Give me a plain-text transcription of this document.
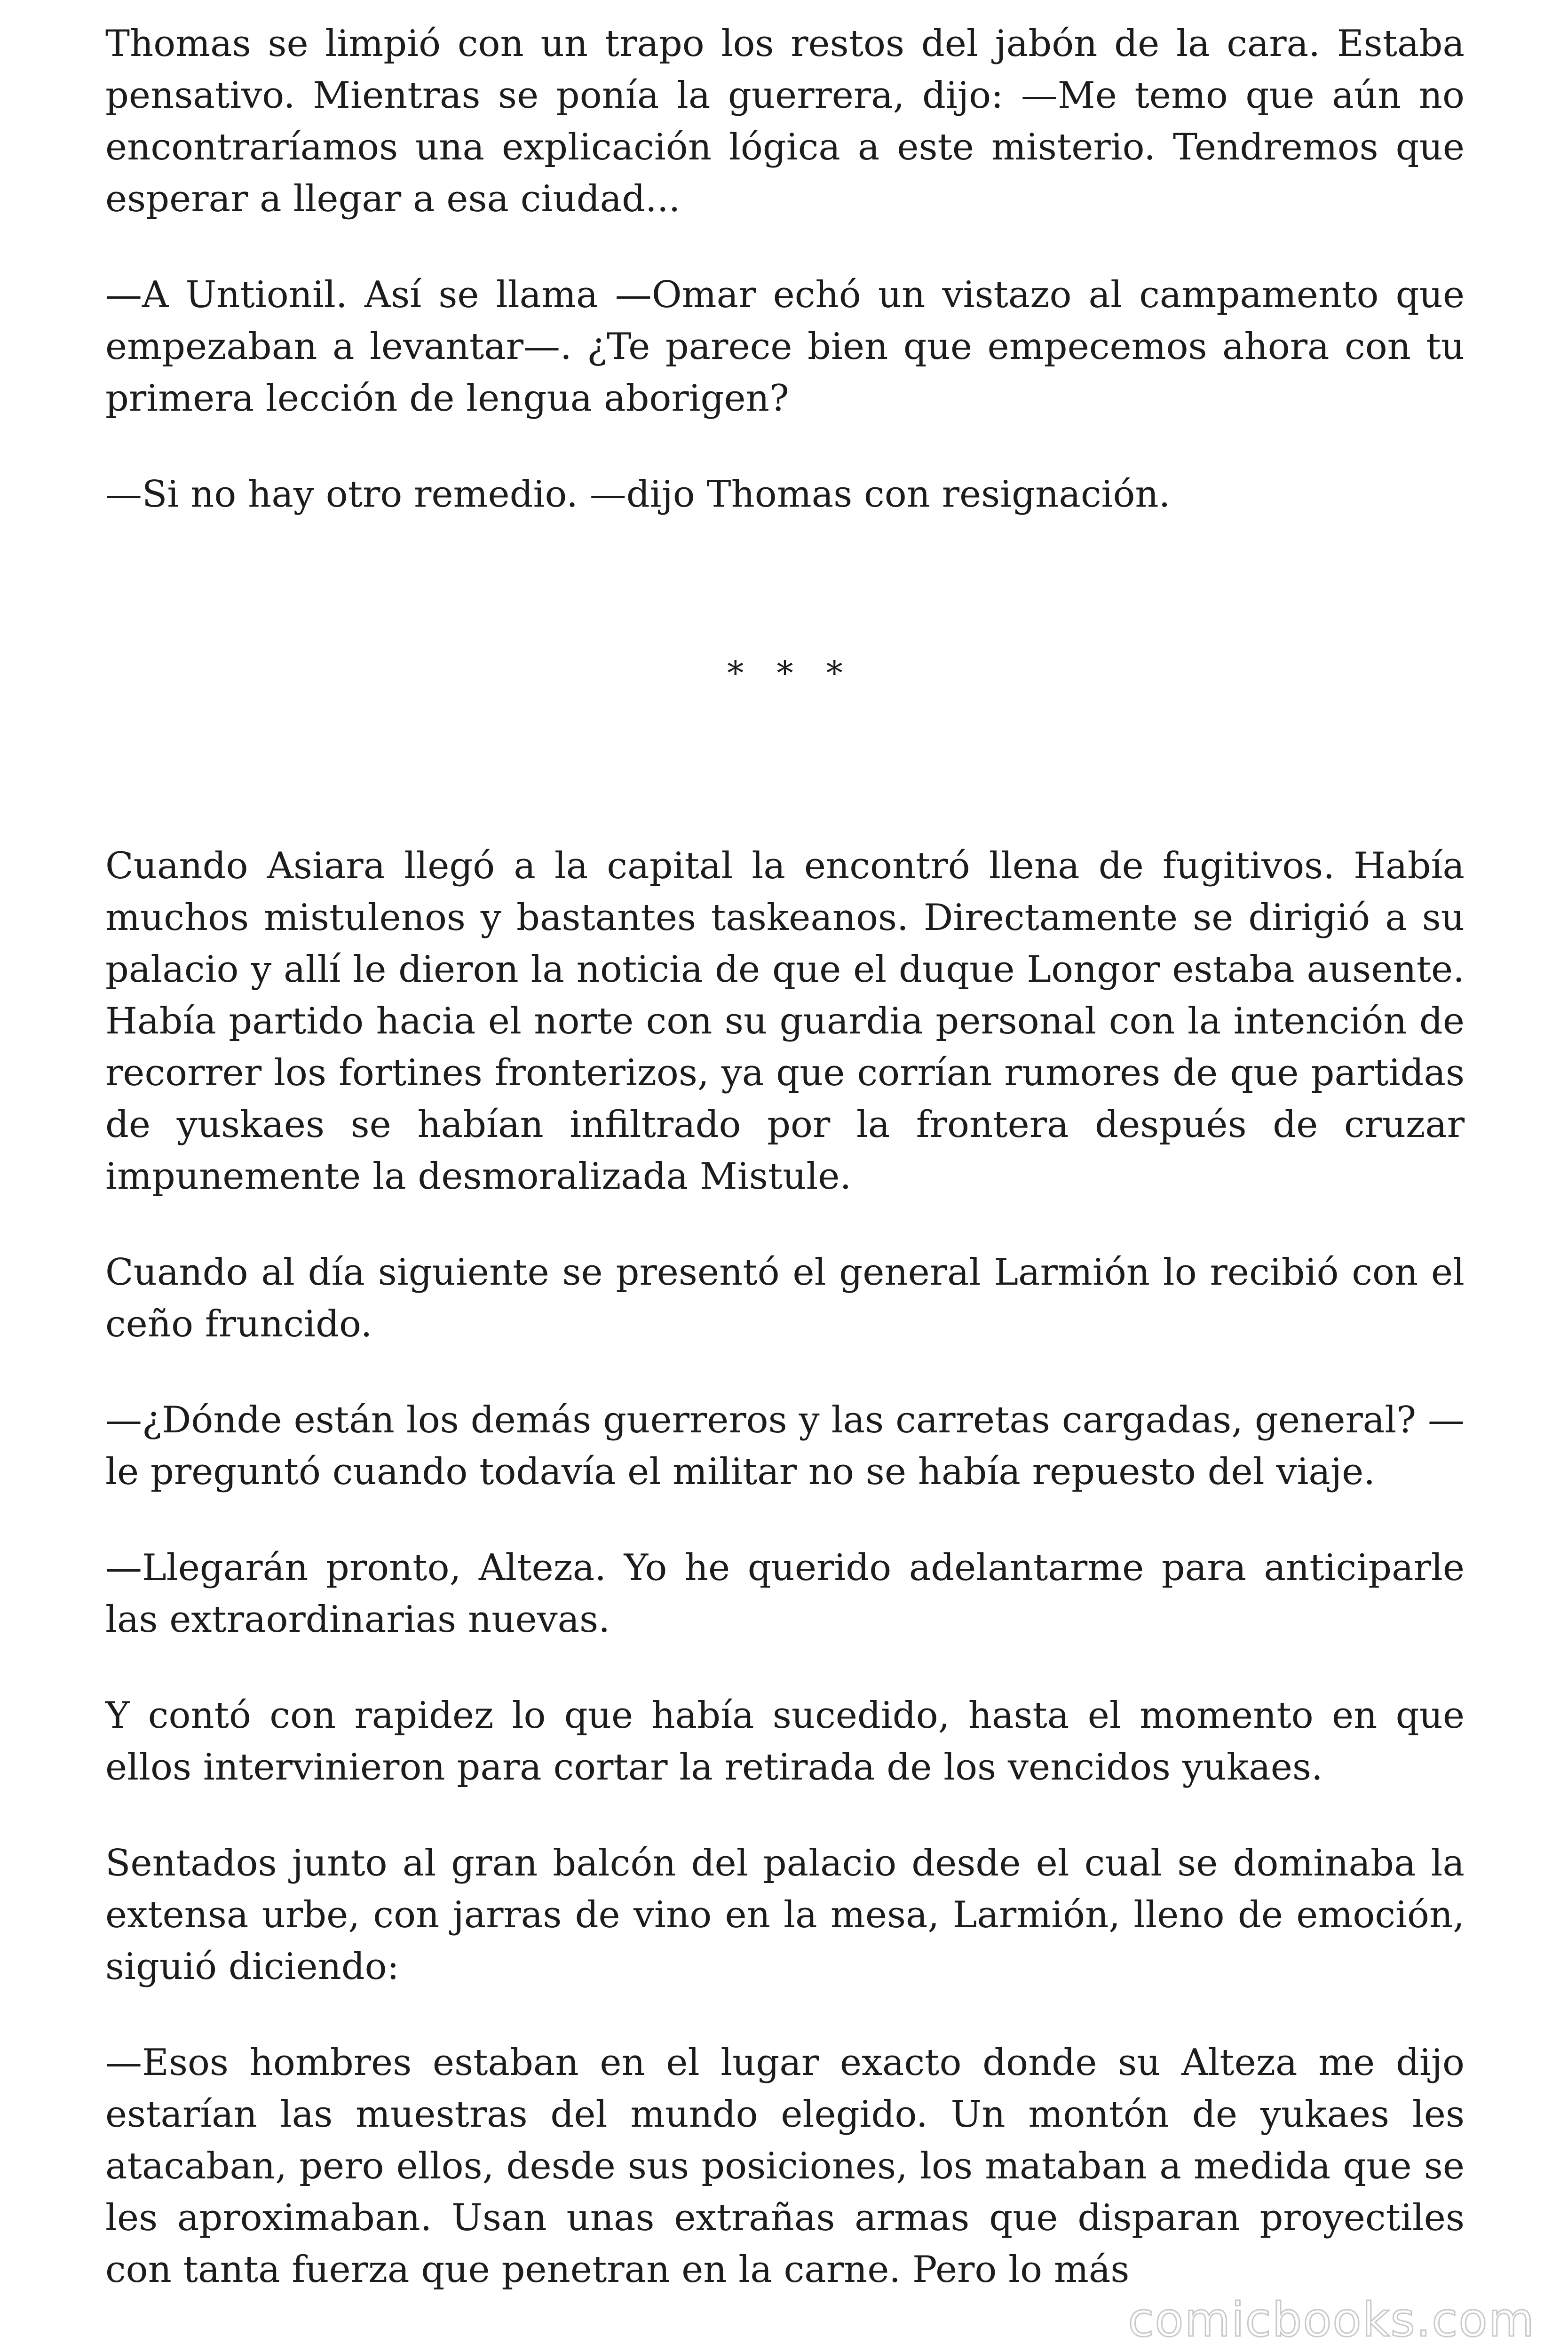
Thomas se limpió con un trapo los restos del jabón de la cara. Estaba pensativo. Mientras se ponía la guerrera, dijo: —Me temo que aún no encontraríamos una explicación lógica a este misterio. Tendremos que esperar a llegar a esa ciudad...

—A Untionil. Así se llama —Omar echó un vistazo al campamento que empezaban a levantar—. ¿Te parece bien que empecemos ahora con tu primera lección de lengua aborigen?

—Si no hay otro remedio. —dijo Thomas con resignación.

* * *

Cuando Asiara llegó a la capital la encontró llena de fugitivos. Había muchos mistulenos y bastantes taskeanos. Directamente se dirigió a su palacio y allí le dieron la noticia de que el duque Longor estaba ausente. Había partido hacia el norte con su guardia personal con la intención de recorrer los fortines fronterizos, ya que corrían rumores de que partidas de yuskaes se habían infiltrado por la frontera después de cruzar impunemente la desmoralizada Mistule.

Cuando al día siguiente se presentó el general Larmión lo recibió con el ceño fruncido.

—¿Dónde están los demás guerreros y las carretas cargadas, general? —le preguntó cuando todavía el militar no se había repuesto del viaje.

—Llegarán pronto, Alteza. Yo he querido adelantarme para anticiparle las extraordinarias nuevas.

Y contó con rapidez lo que había sucedido, hasta el momento en que ellos intervinieron para cortar la retirada de los vencidos yukaes.

Sentados junto al gran balcón del palacio desde el cual se dominaba la extensa urbe, con jarras de vino en la mesa, Larmión, lleno de emoción, siguió diciendo:

—Esos hombres estaban en el lugar exacto donde su Alteza me dijo estarían las muestras del mundo elegido. Un montón de yukaes les atacaban, pero ellos, desde sus posiciones, los mataban a medida que se les aproximaban. Usan unas extrañas armas que disparan proyectiles con tanta fuerza que penetran en la carne. Pero lo más

comicbooks.com
